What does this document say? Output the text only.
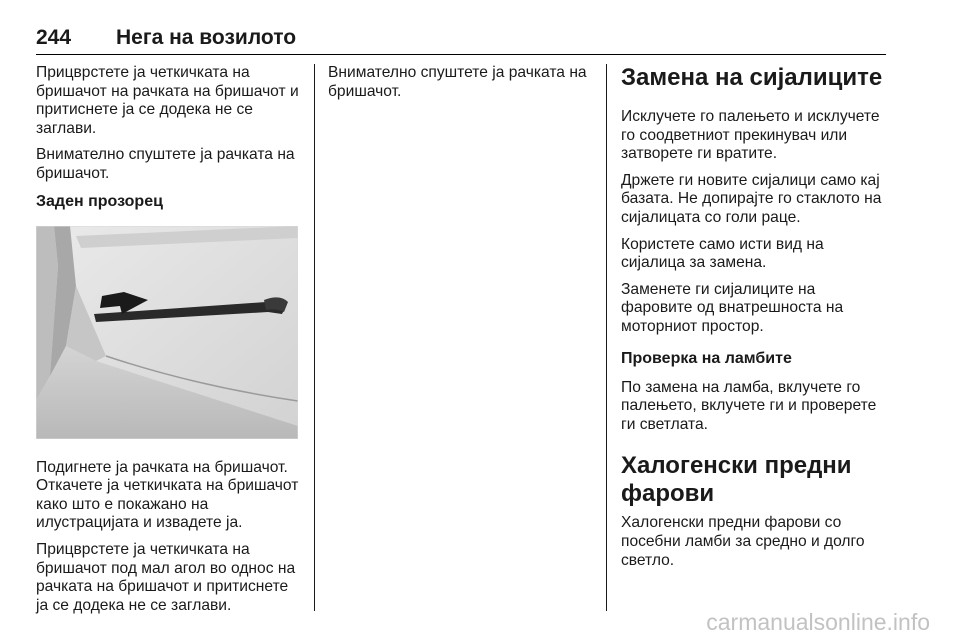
244 Нега на возилото

Прицврстете ја четкичката на бришачот на рачката на бришачот и притиснете ја се додека не се заглави.

Внимателно спуштете ја рачката на бришачот.

Заден прозорец

Подигнете ја рачката на бришачот. Откачете ја четкичката на бришачот како што е покажано на илустрацијата и извадете ја.

Прицврстете ја четкичката на бришачот под мал агол во однос на рачката на бришачот и притиснете ја се додека не се заглави.

Внимателно спуштете ја рачката на бришачот.

Замена на сијалиците

Исклучете го палењето и исклучете го соодветниот прекинувач или затворете ги вратите.

Држете ги новите сијалици само кај базата. Не допирајте го стаклото на сијалицата со голи раце.

Користете само исти вид на сијалица за замена.

Заменете ги сијалиците на фаровите од внатрешноста на моторниот простор.

Проверка на ламбите

По замена на ламба, вклучете го палењето, вклучете ги и проверете ги светлата.

Халогенски предни фарови

Халогенски предни фарови со посебни ламби за средно и долго светло.

carmanualsonline.info
